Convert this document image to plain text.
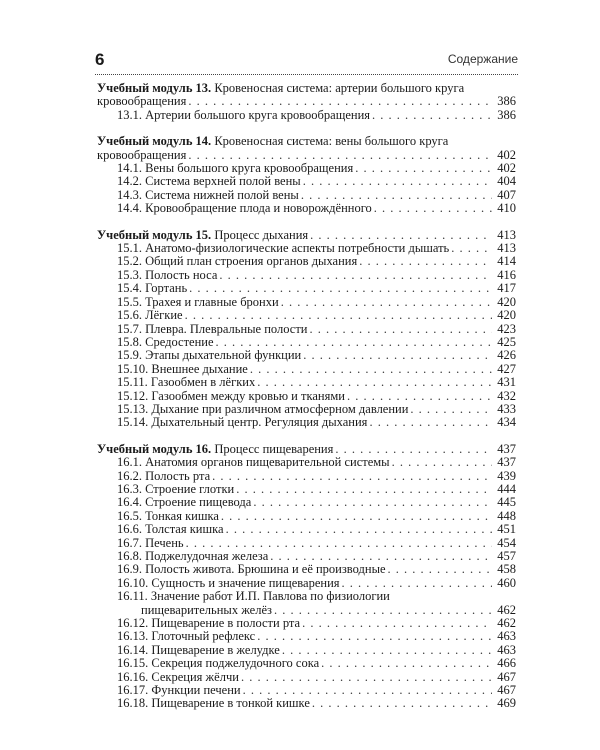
6	Содержание
Учебный модуль 13. Кровеносная система: артерии большого круга
кровообращения . . .	386
13.1. Артерии большого круга кровообращения . . .	386
Учебный модуль 14. Кровеносная система: вены большого круга
кровообращения . . .	402
14.1. Вены большого круга кровообращения . . .	402
14.2. Система верхней полой вены . . .	404
14.3. Система нижней полой вены . . .	407
14.4. Кровообращение плода и новорождённого . . .	410
Учебный модуль 15. Процесс дыхания . . .	413
15.1. Анатомо-физиологические аспекты потребности дышать . . .	413
15.2. Общий план строения органов дыхания . . .	414
15.3. Полость носа . . .	416
15.4. Гортань . . .	417
15.5. Трахея и главные бронхи . . .	420
15.6. Лёгкие . . .	420
15.7. Плевра. Плевральные полости . . .	423
15.8. Средостение . . .	425
15.9. Этапы дыхательной функции . . .	426
15.10. Внешнее дыхание . . .	427
15.11. Газообмен в лёгких . . .	431
15.12. Газообмен между кровью и тканями . . .	432
15.13. Дыхание при различном атмосферном давлении . . .	433
15.14. Дыхательный центр. Регуляция дыхания . . .	434
Учебный модуль 16. Процесс пищеварения . . .	437
16.1. Анатомия органов пищеварительной системы . . .	437
16.2. Полость рта . . .	439
16.3. Строение глотки . . .	444
16.4. Строение пищевода . . .	445
16.5. Тонкая кишка . . .	448
16.6. Толстая кишка . . .	451
16.7. Печень . . .	454
16.8. Поджелудочная железа . . .	457
16.9. Полость живота. Брюшина и её производные . . .	458
16.10. Сущность и значение пищеварения . . .	460
16.11. Значение работ И.П. Павлова по физиологии
пищеварительных желёз . . .	462
16.12. Пищеварение в полости рта . . .	462
16.13. Глоточный рефлекс . . .	463
16.14. Пищеварение в желудке . . .	463
16.15. Секреция поджелудочного сока . . .	466
16.16. Секреция жёлчи . . .	467
16.17. Функции печени . . .	467
16.18. Пищеварение в тонкой кишке . . .	469
